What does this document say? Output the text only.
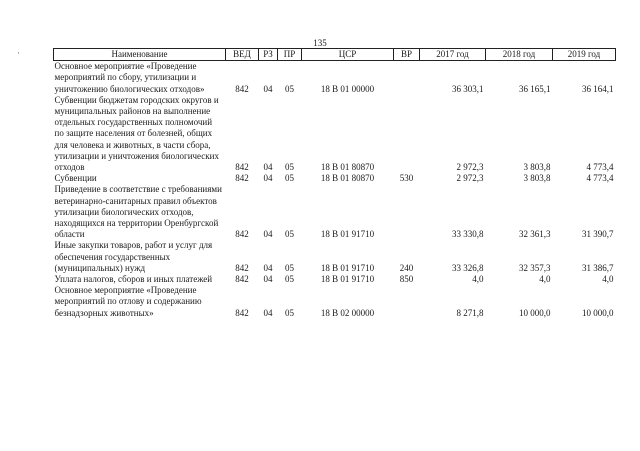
135
·	Наименование	ВЕД	РЗ	ПР	ЦСР	ВР	2017 год	2018 год	2019 год
Основное мероприятие «Проведение мероприятий по сбору, утилизации и уничтожению биологических отходов»	842	04	05	18 В 01 00000		36 303,1	36 165,1	36 164,1
Субвенции бюджетам городских округов и муниципальных районов на выполнение отдельных государственных полномочий по защите населения от болезней, общих для человека и животных, в части сбора, утилизации и уничтожения биологических отходов	842	04	05	18 В 01 80870		2 972,3	3 803,8	4 773,4
Субвенции	842	04	05	18 В 01 80870	530	2 972,3	3 803,8	4 773,4
Приведение в соответствие с требованиями ветеринарно-санитарных правил объектов утилизации биологических отходов, находящихся на территории Оренбургской области	842	04	05	18 В 01 91710		33 330,8	32 361,3	31 390,7
Иные закупки товаров, работ и услуг для обеспечения государственных (муниципальных) нужд	842	04	05	18 В 01 91710	240	33 326,8	32 357,3	31 386,7
Уплата налогов, сборов и иных платежей	842	04	05	18 В 01 91710	850	4,0	4,0	4,0
Основное мероприятие «Проведение мероприятий по отлову и содержанию безнадзорных животных»	842	04	05	18 В 02 00000		8 271,8	10 000,0	10 000,0
